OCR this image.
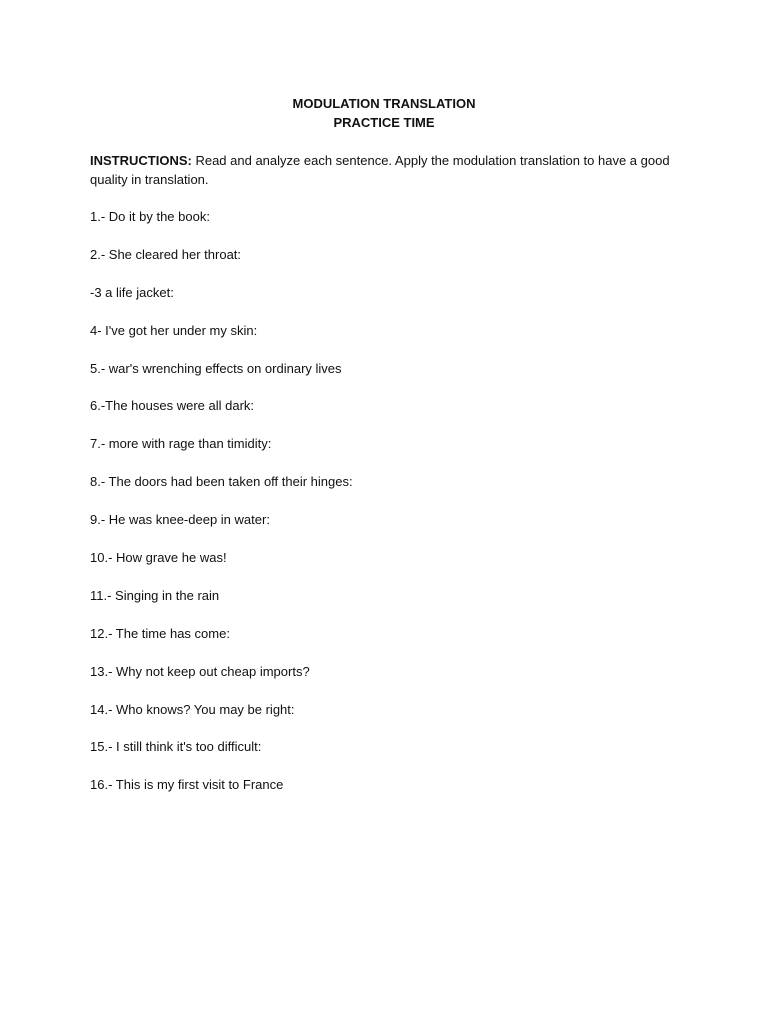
MODULATION TRANSLATION
PRACTICE TIME
INSTRUCTIONS: Read and analyze each sentence. Apply the modulation translation to have a good quality in translation.
1.- Do it by the book:
2.- She cleared her throat:
-3 a life jacket:
4- I've got her under my skin:
5.- war's wrenching effects on ordinary lives
6.-The houses were all dark:
7.- more with rage than timidity:
8.- The doors had been taken off their hinges:
9.- He was knee-deep in water:
10.- How grave he was!
11.- Singing in the rain
12.- The time has come:
13.- Why not keep out cheap imports?
14.- Who knows? You may be right:
15.- I still think it's too difficult:
16.- This is my first visit to France
